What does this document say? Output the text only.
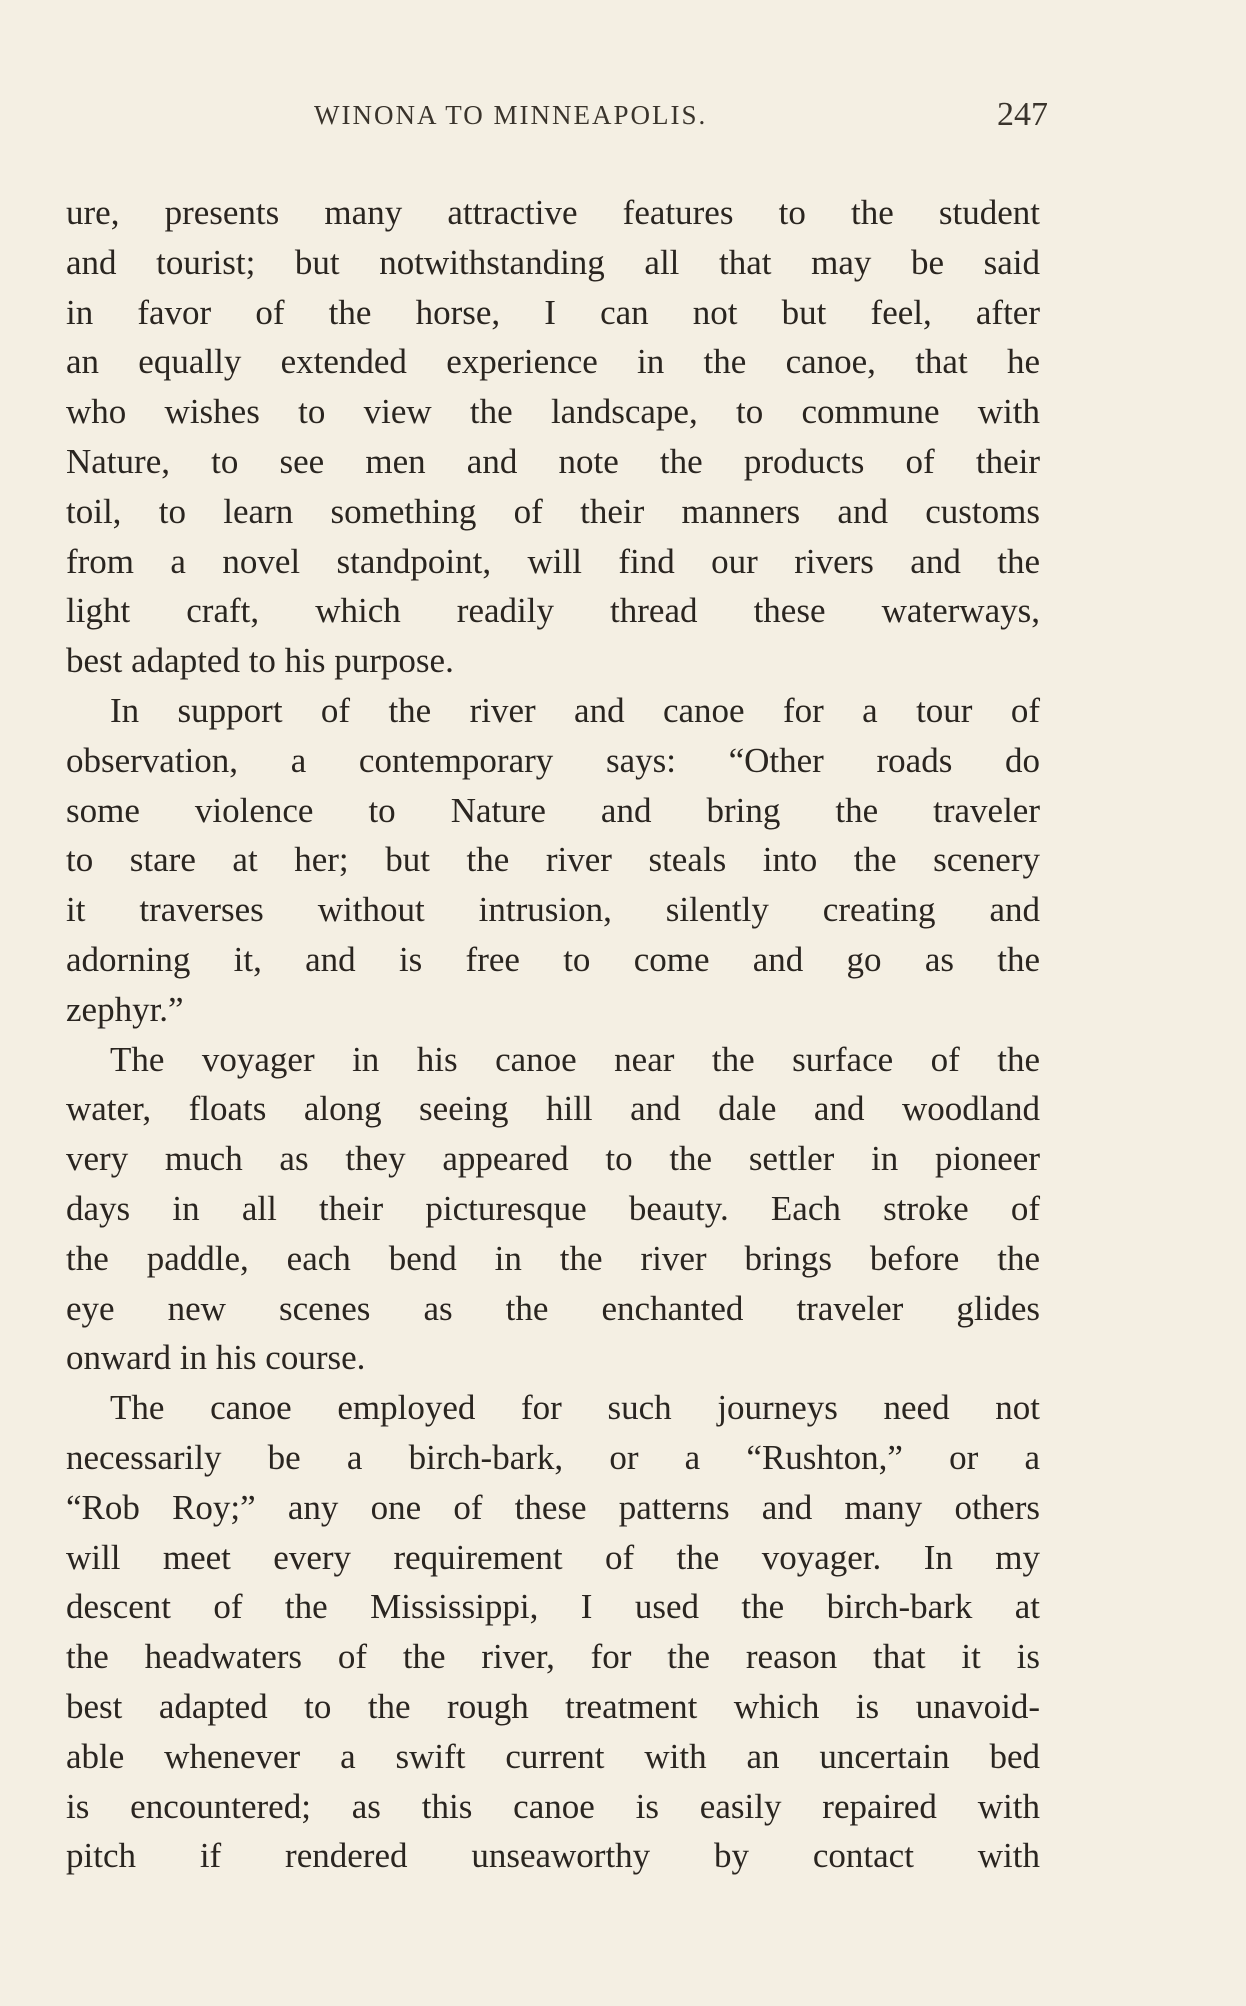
WINONA TO MINNEAPOLIS.	247
ure, presents many attractive features to the student
and tourist; but notwithstanding all that may be said
in favor of the horse, I can not but feel, after
an equally extended experience in the canoe, that he
who wishes to view the landscape, to commune with
Nature, to see men and note the products of their
toil, to learn something of their manners and customs
from a novel standpoint, will find our rivers and the
light craft, which readily thread these waterways,
best adapted to his purpose.
In support of the river and canoe for a tour of
observation, a contemporary says: “Other roads do
some violence to Nature and bring the traveler
to stare at her; but the river steals into the scenery
it traverses without intrusion, silently creating and
adorning it, and is free to come and go as the
zephyr.”
The voyager in his canoe near the surface of the
water, floats along seeing hill and dale and woodland
very much as they appeared to the settler in pioneer
days in all their picturesque beauty. Each stroke of
the paddle, each bend in the river brings before the
eye new scenes as the enchanted traveler glides
onward in his course.
The canoe employed for such journeys need not
necessarily be a birch-bark, or a “Rushton,” or a
“Rob Roy;” any one of these patterns and many others
will meet every requirement of the voyager. In my
descent of the Mississippi, I used the birch-bark at
the headwaters of the river, for the reason that it is
best adapted to the rough treatment which is unavoid-
able whenever a swift current with an uncertain bed
is encountered; as this canoe is easily repaired with
pitch if rendered unseaworthy by contact with
